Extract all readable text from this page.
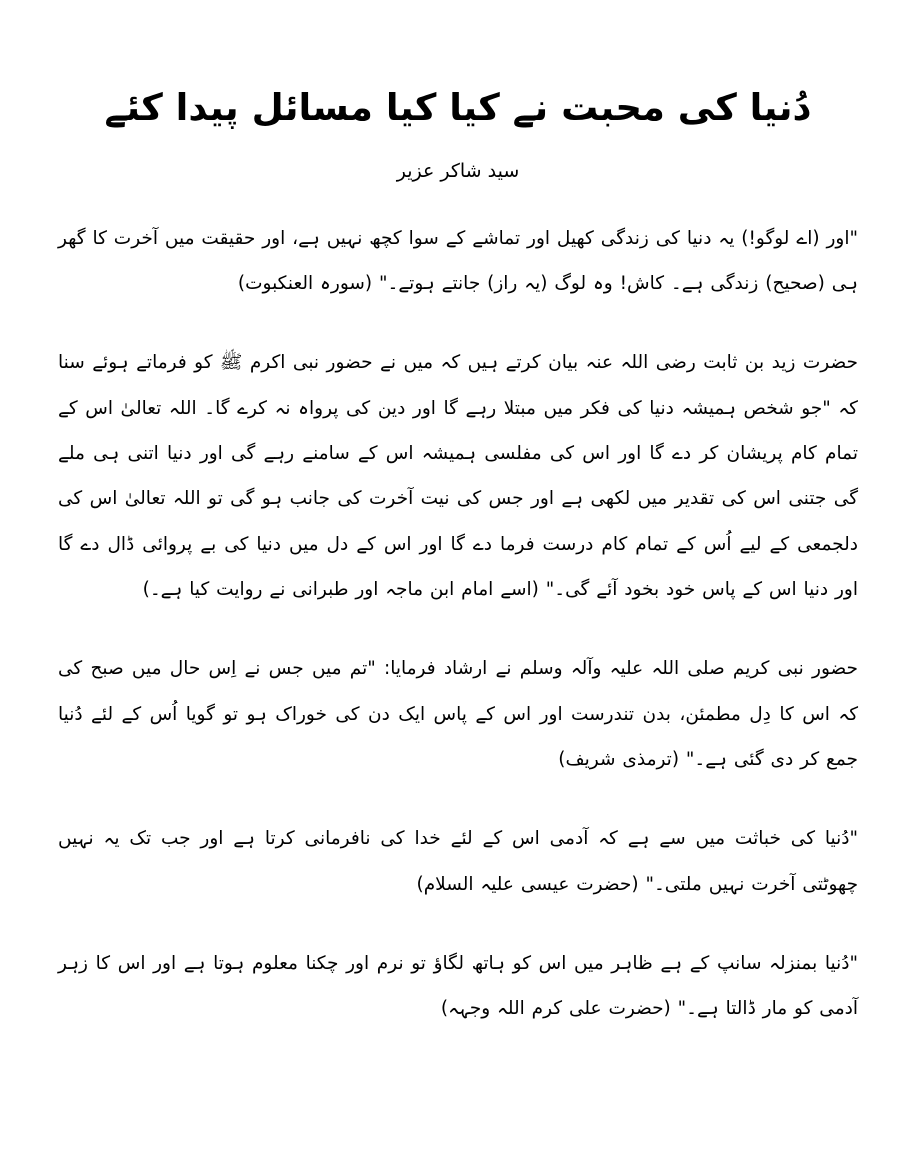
دُنیا کی محبت نے کیا کیا مسائل پیدا کئے
سید شاکر عزیر

"اور (اے لوگو!) یہ دنیا کی زندگی کھیل اور تماشے کے سوا کچھ نہیں ہے، اور حقیقت میں آخرت کا گھر ہی (صحیح) زندگی ہے۔ کاش! وہ لوگ (یہ راز) جانتے ہوتے۔" (سورہ العنکبوت)

حضرت زید بن ثابت رضی اللہ عنہ بیان کرتے ہیں کہ میں نے حضور نبی اکرم ﷺ کو فرماتے ہوئے سنا کہ "جو شخص ہمیشہ دنیا کی فکر میں مبتلا رہے گا اور دین کی پرواہ نہ کرے گا۔ اللہ تعالیٰ اس کے تمام کام پریشان کر دے گا اور اس کی مفلسی ہمیشہ اس کے سامنے رہے گی اور دنیا اتنی ہی ملے گی جتنی اس کی تقدیر میں لکھی ہے اور جس کی نیت آخرت کی جانب ہو گی تو اللہ تعالیٰ اس کی دلجمعی کے لیے اُس کے تمام کام درست فرما دے گا اور اس کے دل میں دنیا کی بے پروائی ڈال دے گا اور دنیا اس کے پاس خود بخود آئے گی۔" (اسے امام ابن ماجہ اور طبرانی نے روایت کیا ہے۔)

حضور نبی کریم صلی اللہ علیہ وآلہ وسلم نے ارشاد فرمایا: "تم میں جس نے اِس حال میں صبح کی کہ اس کا دِل مطمئن، بدن تندرست اور اس کے پاس ایک دن کی خوراک ہو تو گویا اُس کے لئے دُنیا جمع کر دی گئی ہے۔" (ترمذی شریف)

"دُنیا کی خباثت میں سے ہے کہ آدمی اس کے لئے خدا کی نافرمانی کرتا ہے اور جب تک یہ نہیں چھوٹتی آخرت نہیں ملتی۔" (حضرت عیسی علیہ السلام)

"دُنیا بمنزلہ سانپ کے ہے ظاہر میں اس کو ہاتھ لگاؤ تو نرم اور چکنا معلوم ہوتا ہے اور اس کا زہر آدمی کو مار ڈالتا ہے۔" (حضرت علی کرم اللہ وجہہ)
